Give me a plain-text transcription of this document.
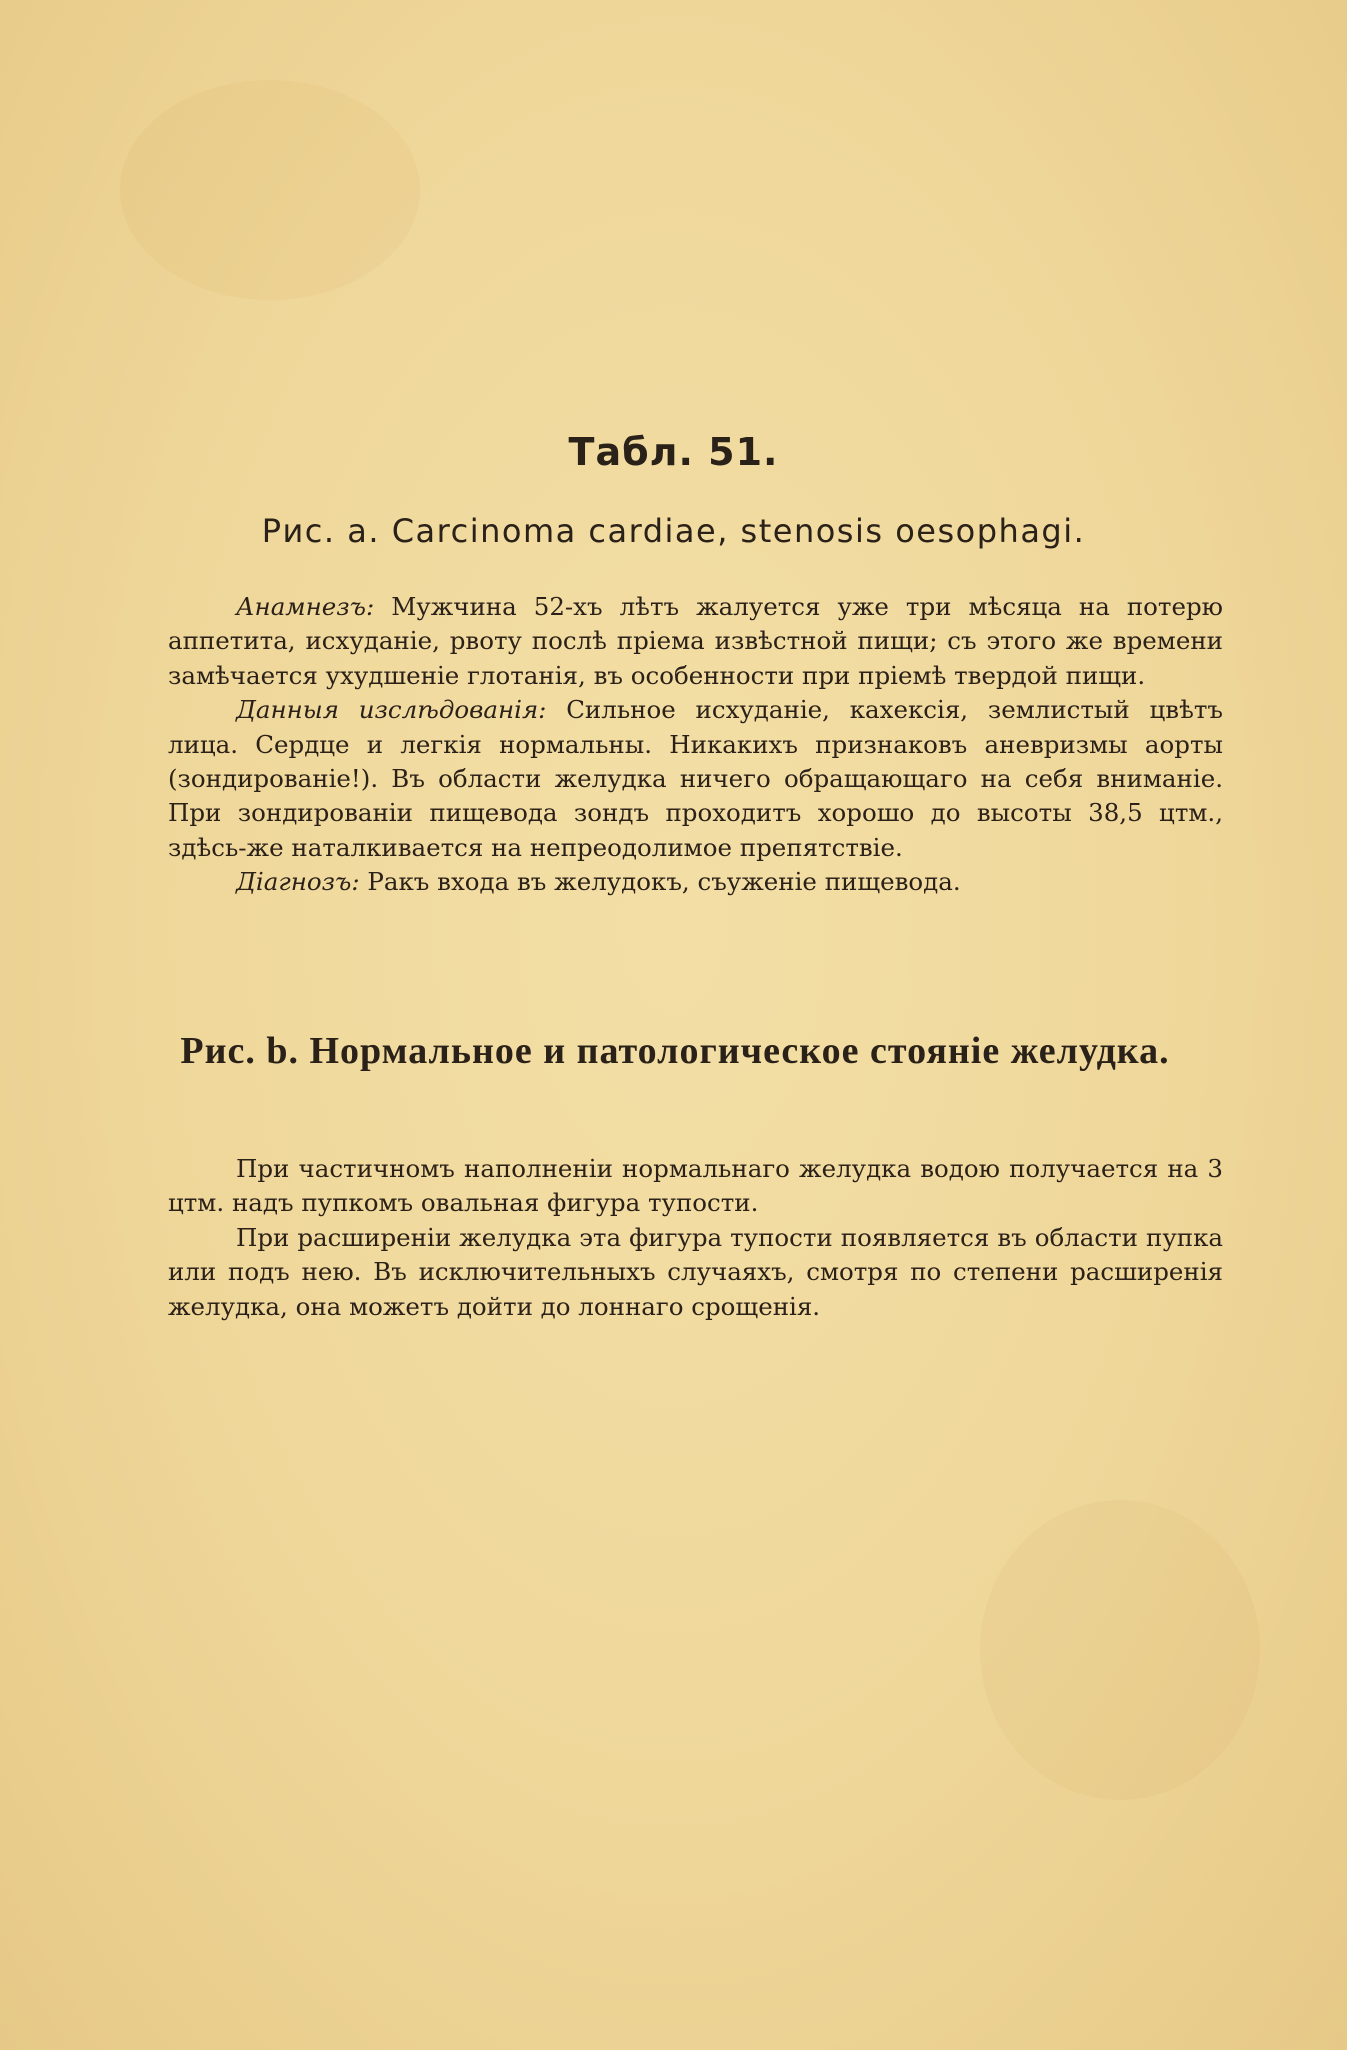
Табл. 51.
Рис. a. Carcinoma cardiae, stenosis oesophagi.

Анамнезъ: Мужчина 52-хъ лѣтъ жалуется уже три мѣсяца на потерю аппетита, исхуданіе, рвоту послѣ пріема извѣстной пищи; съ этого же времени замѣчается ухудшеніе глотанія, въ особенности при пріемѣ твердой пищи.

Данныя изслѣдованія: Сильное исхуданіе, кахексія, землистый цвѣтъ лица. Сердце и легкія нормальны. Никакихъ признаковъ аневризмы аорты (зондированіе!). Въ области желудка ничего обращающаго на себя вниманіе. При зондированіи пищевода зондъ проходитъ хорошо до высоты 38,5 цтм., здѣсь-же наталкивается на непреодолимое препятствіе.

Діагнозъ: Ракъ входа въ желудокъ, съуженіе пищевода.

Рис. b. Нормальное и патологическое стояніе желудка.

При частичномъ наполненіи нормальнаго желудка водою получается на 3 цтм. надъ пупкомъ овальная фигура тупости.

При расширеніи желудка эта фигура тупости появляется въ области пупка или подъ нею. Въ исключительныхъ случаяхъ, смотря по степени расширенія желудка, она можетъ дойти до лоннаго срощенія.
